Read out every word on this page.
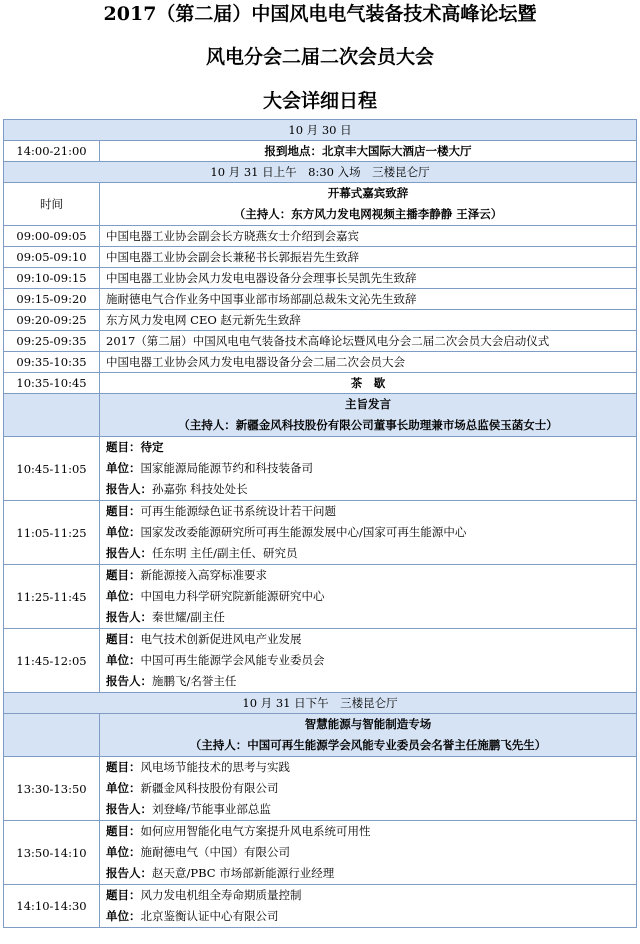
2017（第二届）中国风电电气装备技术高峰论坛暨
风电分会二届二次会员大会
大会详细日程
10 月 30 日	
14:00-21:00	报到地点：北京丰大国际大酒店一楼大厅
10 月 31 日上午　8:30 入场　三楼昆仑厅	
时间	开幕式嘉宾致辞
（主持人：东方风力发电网视频主播李静静 王泽云）

09:00-09:05	中国电器工业协会副会长方晓燕女士介绍到会嘉宾
09:05-09:10	中国电器工业协会副会长兼秘书长郭振岩先生致辞
09:10-09:15	中国电器工业协会风力发电电器设备分会理事长吴凯先生致辞
09:15-09:20	施耐德电气合作业务中国事业部市场部副总裁朱文沁先生致辞
09:20-09:25	东方风力发电网 CEO 赵元新先生致辞
09:25-09:35	2017（第二届）中国风电电气装备技术高峰论坛暨风电分会二届二次会员大会启动仪式
09:35-10:35	中国电器工业协会风力发电电器设备分会二届二次会员大会
10:35-10:45	茶　歇

	主旨发言
（主持人：新疆金风科技股份有限公司董事长助理兼市场总监侯玉菡女士）

10:45-11:05	题目：待定
单位：国家能源局能源节约和科技装备司
报告人：孙嘉弥 科技处处长

11:05-11:25	题目：可再生能源绿色证书系统设计若干问题
单位：国家发改委能源研究所可再生能源发展中心/国家可再生能源中心
报告人：任东明 主任/副主任、研究员

11:25-11:45	题目：新能源接入高穿标准要求
单位：中国电力科学研究院新能源研究中心
报告人：秦世耀/副主任

11:45-12:05	题目：电气技术创新促进风电产业发展
单位：中国可再生能源学会风能专业委员会
报告人：施鹏飞/名誉主任

10 月 31 日下午　三楼昆仑厅	

	智慧能源与智能制造专场
（主持人：中国可再生能源学会风能专业委员会名誉主任施鹏飞先生）

13:30-13:50	题目：风电场节能技术的思考与实践
单位：新疆金风科技股份有限公司
报告人：刘登峰/节能事业部总监

13:50-14:10	题目：如何应用智能化电气方案提升风电系统可用性
单位：施耐德电气（中国）有限公司
报告人：赵天意/PBC 市场部新能源行业经理

14:10-14:30	题目：风力发电机组全寿命期质量控制
单位：北京鉴衡认证中心有限公司
